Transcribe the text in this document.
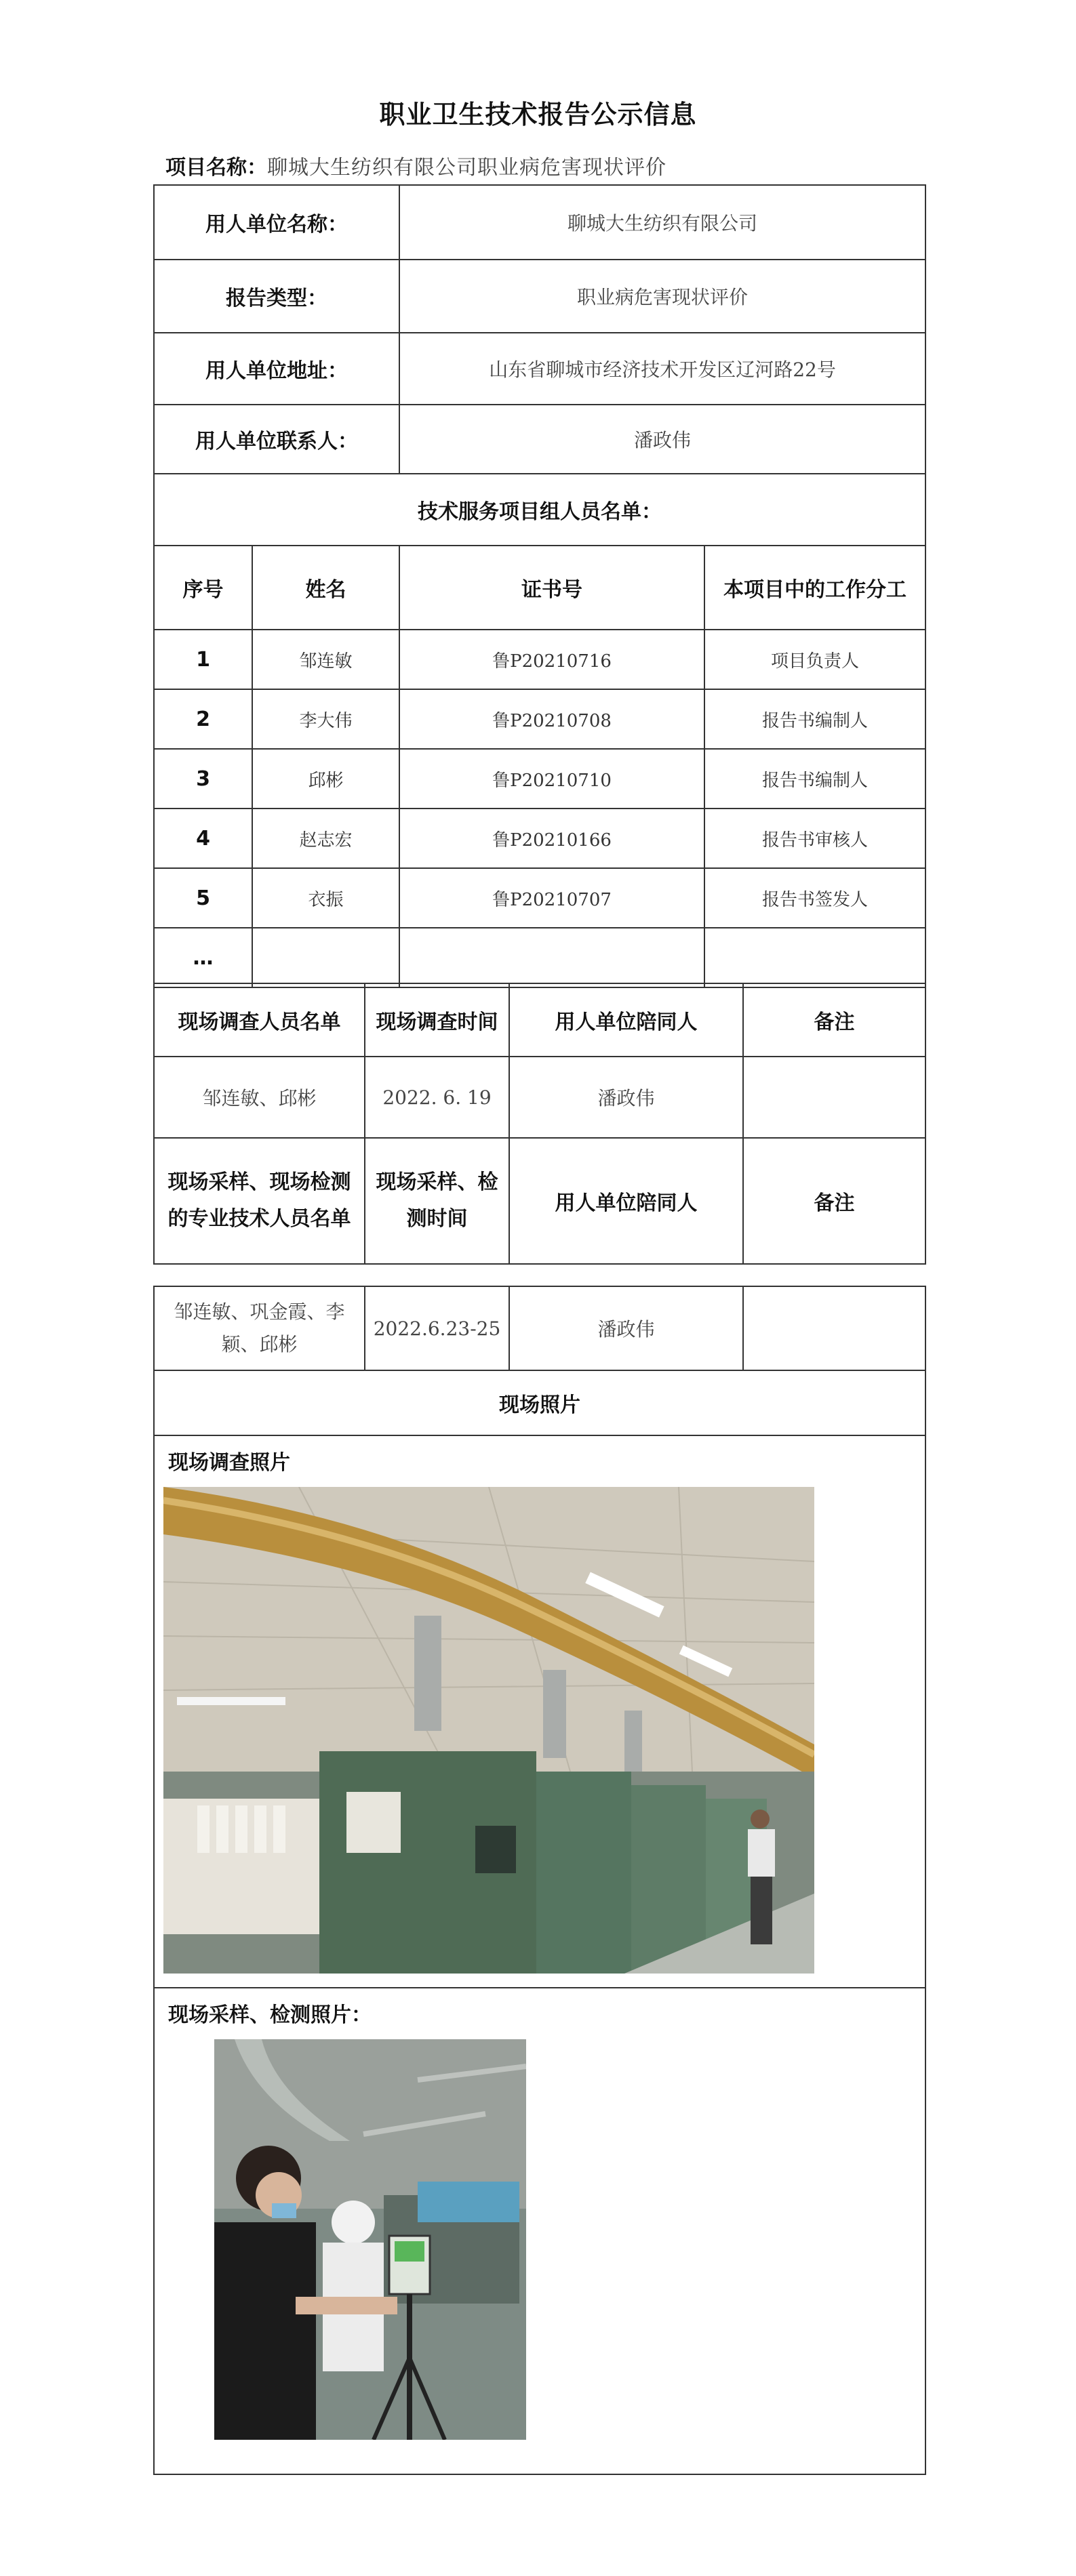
职业卫生技术报告公示信息
项目名称：聊城大生纺织有限公司职业病危害现状评价
用人单位名称：		聊城大生纺织有限公司	
报告类型：		职业病危害现状评价	
用人单位地址：		山东省聊城市经济技术开发区辽河路22号	
用人单位联系人：		潘政伟	
技术服务项目组人员名单：			
序号	姓名	证书号	本项目中的工作分工
1	邹连敏	鲁P20210716	项目负责人
2	李大伟	鲁P20210708	报告书编制人
3	邱彬	鲁P20210710	报告书编制人
4	赵志宏	鲁P20210166	报告书审核人
5	衣振	鲁P20210707	报告书签发人
…			
现场调查人员名单	现场调查时间	用人单位陪同人	备注
邹连敏、邱彬	2022. 6. 19	潘政伟	
现场采样、现场检测的专业技术人员名单	现场采样、检测时间	用人单位陪同人	备注
邹连敏、巩金霞、李颖、邱彬	2022.6.23-25	潘政伟	
现场照片

现场调查照片

现场采样、检测照片：
